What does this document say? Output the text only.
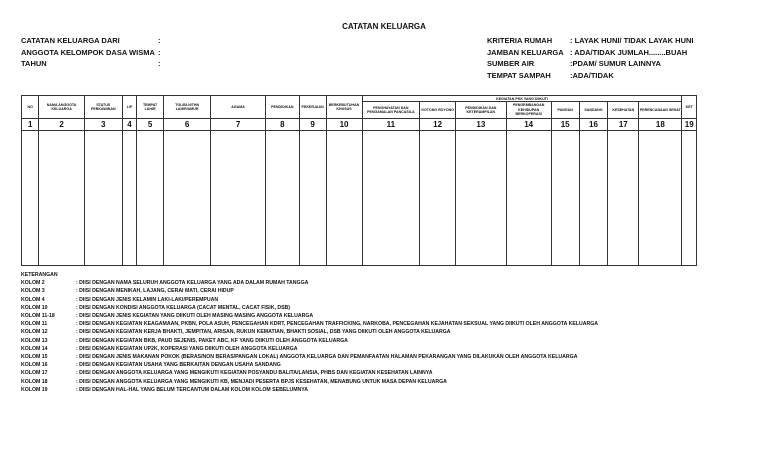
CATATAN KELUARGA
CATATAN KELUARGA DARI	:
ANGGOTA KELOMPOK DASA WISMA :
TAHUN	:
KRITERIA RUMAH : LAYAK HUNI/ TIDAK LAYAK HUNI
JAMBAN KELUARGA : ADA/TIDAK JUMLAH........BUAH
SUMBER AIR	:PDAM/ SUMUR LAINNYA
TEMPAT SAMPAH	:ADA/TIDAK
NO	NAMA ANGGOTA KELUARGA	STATUS PERKAWINAN	L/P	TEMPAT LAHIR	TGL/BLN/THN LAHIR/UMUR	AGAMA	PENDIDIKAN	PEKERJAAN	BERKEBUTUHAN KHUSUS	KEGIATAN PKK YANG DIIKUTI								KET
										PENGHAYATAN DAN PENGAMALAN PANCASILA	GOTONG ROYONG	PENDIDIKAN DAN KETERAMPILAN	PENGEMBANGAN KEHIDUPAN BERKOPERASI	PANGAN	SANDANG	KESEHATAN	PERENCANAAN SEHAT	
1	2	3	4	5	6	7	8	9	10	11	12	13	14	15	16	17	18	19

KETERANGAN
KOLOM 2	: DIISI DENGAN NAMA SELURUH ANGGOTA KELUARGA YANG ADA DALAM RUMAH TANGGA
KOLOM 3	: DIISI DENGAN MENIKAH, LAJANG, CERAI MATI, CERAI HIDUP
KOLOM 4	: DIISI DENGAN JENIS KELAMIN LAKI-LAKI/PEREMPUAN
KOLOM 10	: DIISI DENGAN KONDISI ANGGOTA KELUARGA (CACAT MENTAL, CACAT FISIK, DSB)
KOLOM 11-18	: DIISI DENGAN JENIS KEGIATAN YANG DIIKUTI OLEH MASING MASING ANGGOTA KELUARGA
KOLOM 11	: DIISI DENGAN KEGIATAN KEAGAMAAN, PKBN, POLA ASUH, PENCEGAHAN KDRT, PENCEGAHAN TRAFFICKING, NARKOBA, PENCEGAHAN KEJAHATAN SEKSUAL YANG DIIKUTI OLEH ANGGOTA KELUARGA
KOLOM 12	: DIISI DENGAN KEGIATAN KERJA BHAKTI, JEMPITAN, ARISAN, RUKUN KEMATIAN, BHAKTI SOSIAL, DSB YANG DIIKUTI OLEH ANGGOTA KELUARGA
KOLOM 13	: DIISI DENGAN KEGIATAN BKB, PAUD SEJENIS, PAKET ABC, KF YANG DIIKUTI OLEH ANGGOTA KELUARGA
KOLOM 14	: DIISI DENGAN KEGIATAN UP2K, KOPERASI YANG DIIKUTI OLEH ANGGOTA KELUARGA
KOLOM 15	: DIISI DENGAN JENIS MAKANAN POKOK (BERAS/NON BERAS/PANGAN LOKAL) ANGGOTA KELUARGA DAN PEMANFAATAN HALAMAN PEKARANGAN YANG DILAKUKAN OLEH ANGGOTA KELUARGA
KOLOM 16	: DIISI DENGAN KEGIATAN USAHA YANG BERKAITAN DENGAN USAHA SANDANG
KOLOM 17	: DIISI DENGAN ANGGOTA KELUARGA YANG MENGIKUTI KEGIATAN POSYANDU BALITA/LANSIA, PHBS DAN KEGIATAN KESEHATAN LAINNYA
KOLOM 18	: DIISI DENGAN ANGGOTA KELUARGA YANG MENGIKUTI KB, MENJADI PESERTA BPJS KESEHATAN, MENABUNG UNTUK MASA DEPAN KELUARGA
KOLOM 19	: DIISI DENGAN HAL-HAL YANG BELUM TERCANTUM DALAM KOLOM KOLOM SEBELUMNYA
